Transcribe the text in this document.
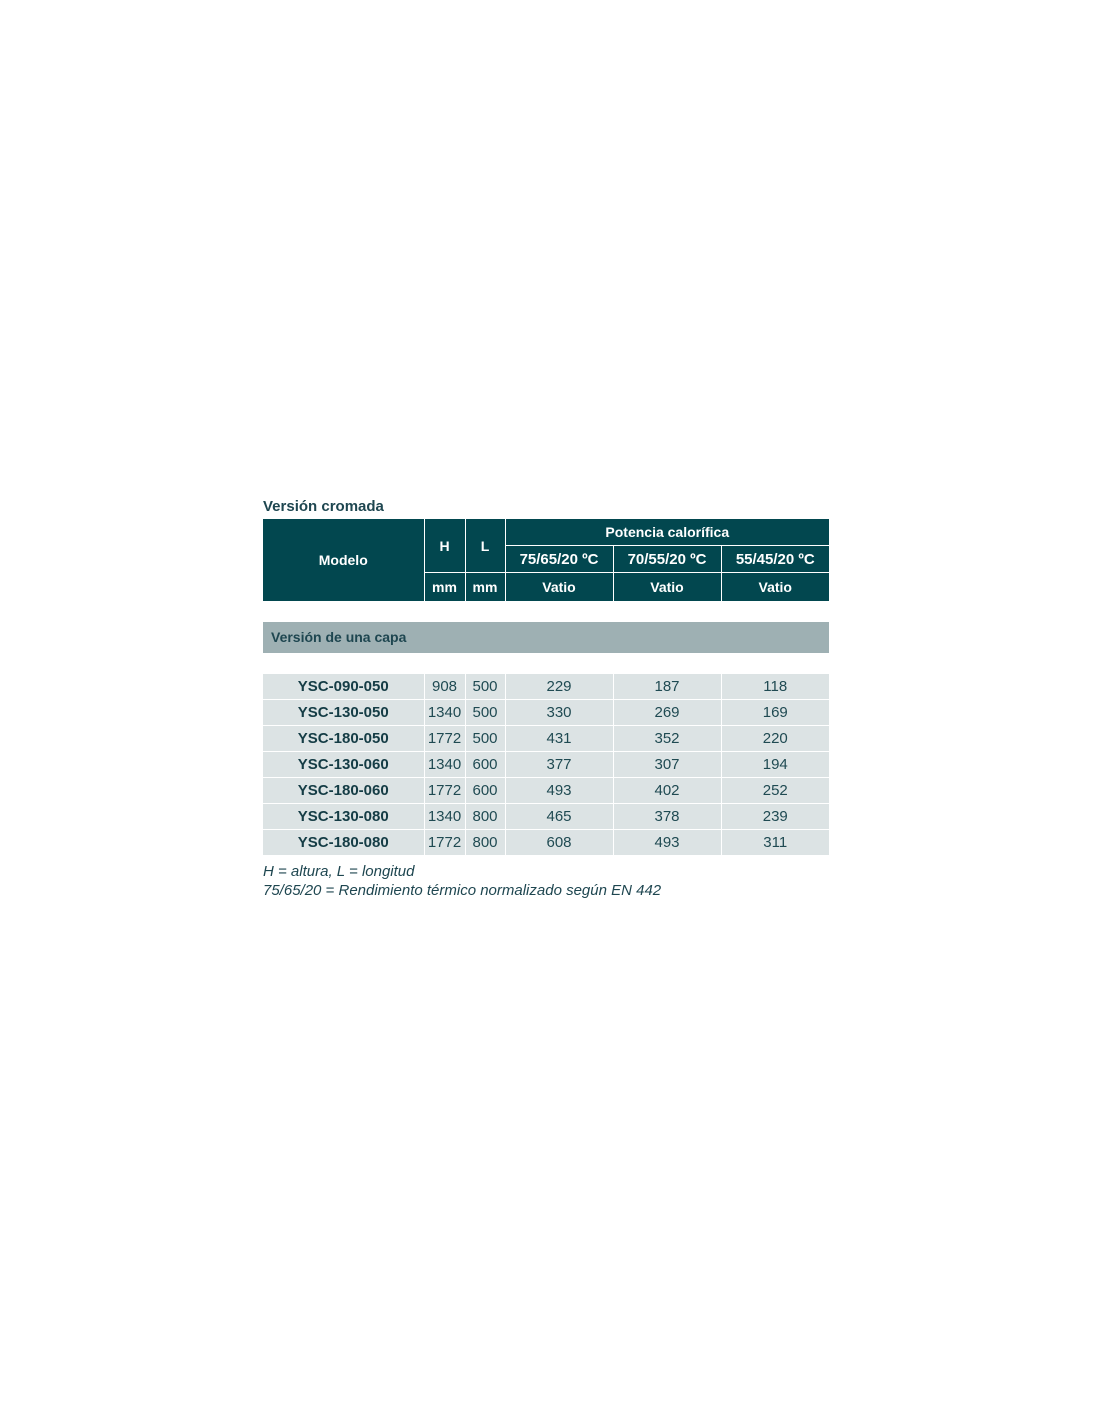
Versión cromada
Modelo	H	L	Potencia calorífica		
			75/65/20 ºC	70/55/20 ºC	55/45/20 ºC
	mm	mm	Vatio	Vatio	Vatio
Versión de una capa
YSC-090-050	908	500	229	187	118
YSC-130-050	1340	500	330	269	169
YSC-180-050	1772	500	431	352	220
YSC-130-060	1340	600	377	307	194
YSC-180-060	1772	600	493	402	252
YSC-130-080	1340	800	465	378	239
YSC-180-080	1772	800	608	493	311
H = altura, L = longitud
75/65/20 = Rendimiento térmico normalizado según EN 442
